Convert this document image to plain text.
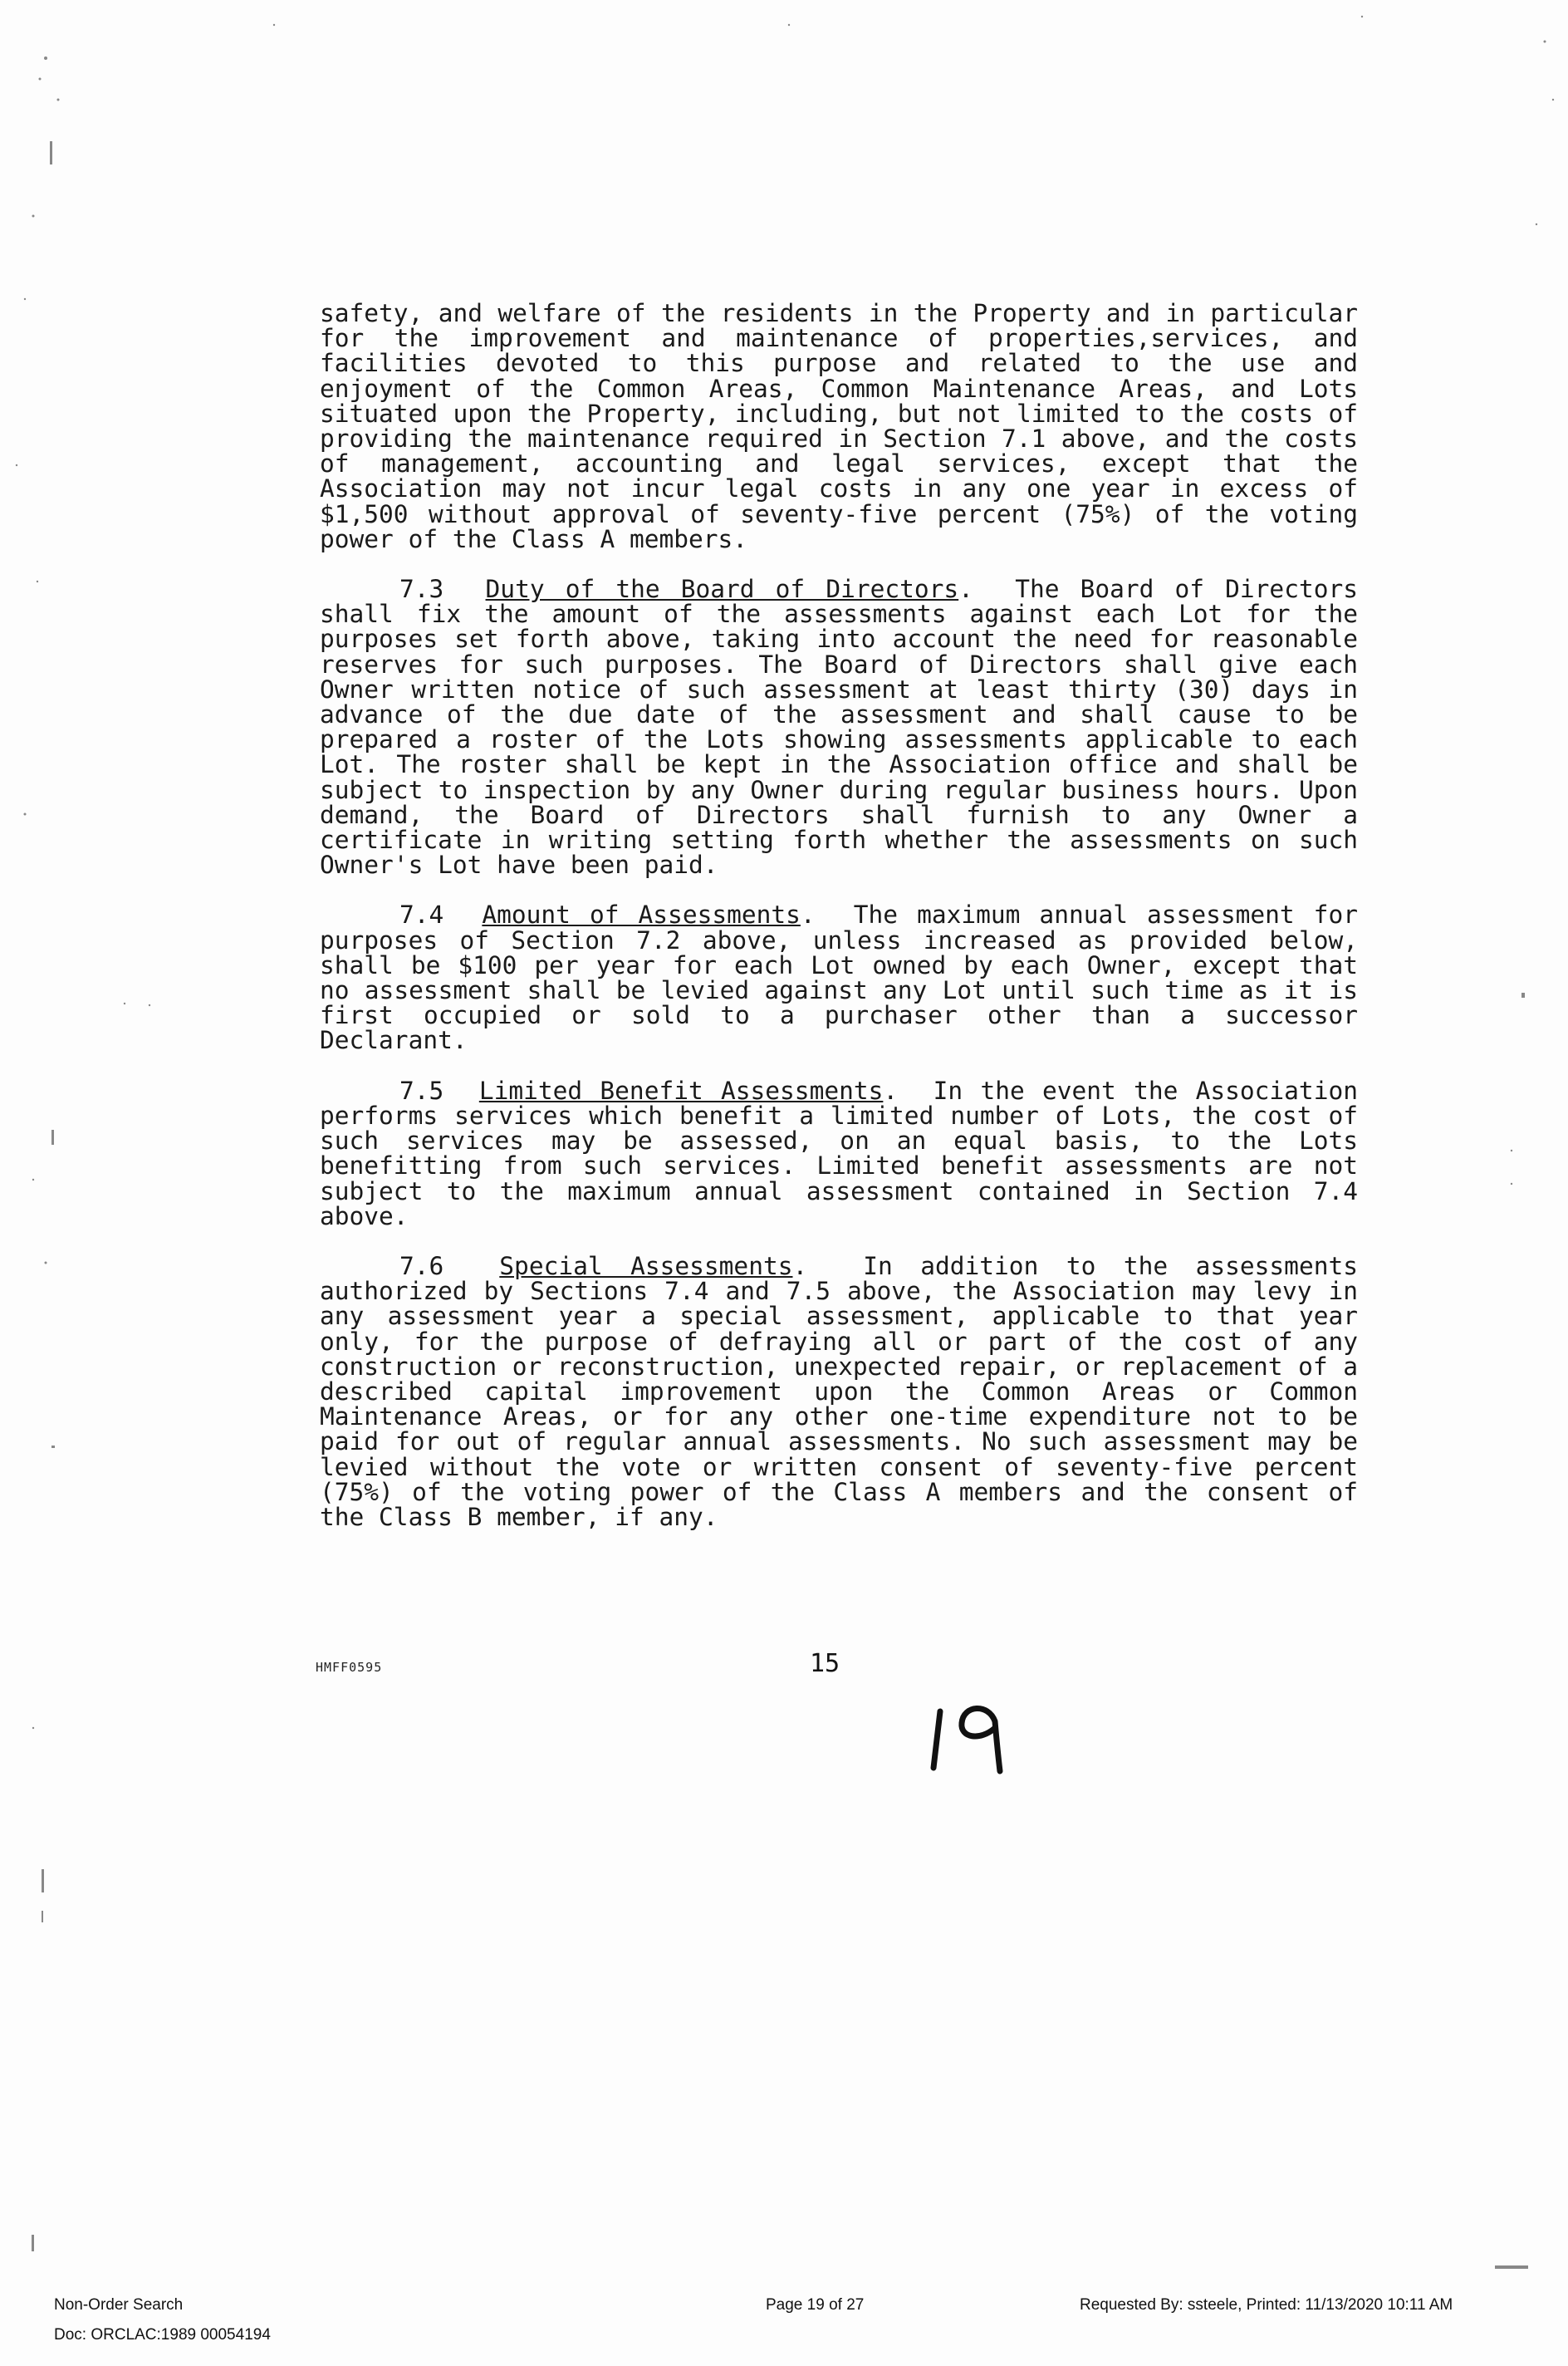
safety, and welfare of the residents in the Property and in particular for the improvement and maintenance of properties,services, and facilities devoted to this purpose and related to the use and enjoyment of the Common Areas, Common Maintenance Areas, and Lots situated upon the Property, including, but not limited to the costs of providing the maintenance required in Section 7.1 above, and the costs of management, accounting and legal services, except that the Association may not incur legal costs in any one year in excess of $1,500 without approval of seventy-five percent (75%) of the voting power of the Class A members.

7.3 Duty of the Board of Directors.  The Board of Directors shall fix the amount of the assessments against each Lot for the purposes set forth above, taking into account the need for reasonable reserves for such purposes. The Board of Directors shall give each Owner written notice of such assessment at least thirty (30) days in advance of the due date of the assessment and shall cause to be prepared a roster of the Lots showing assessments applicable to each Lot. The roster shall be kept in the Association office and shall be subject to inspection by any Owner during regular business hours. Upon demand, the Board of Directors shall furnish to any Owner a certificate in writing setting forth whether the assessments on such Owner's Lot have been paid.

7.4 Amount of Assessments.  The maximum annual assessment for purposes of Section 7.2 above, unless increased as provided below, shall be $100 per year for each Lot owned by each Owner, except that no assessment shall be levied against any Lot until such time as it is first occupied or sold to a purchaser other than a successor Declarant.

7.5 Limited Benefit Assessments.  In the event the Association performs services which benefit a limited number of Lots, the cost of such services may be assessed, on an equal basis, to the Lots benefitting from such services. Limited benefit assessments are not subject to the maximum annual assessment contained in Section 7.4 above.

7.6 Special Assessments.  In addition to the assessments authorized by Sections 7.4 and 7.5 above, the Association may levy in any assessment year a special assessment, applicable to that year only, for the purpose of defraying all or part of the cost of any construction or reconstruction, unexpected repair, or replacement of a described capital improvement upon the Common Areas or Common Maintenance Areas, or for any other one-time expenditure not to be paid for out of regular annual assessments. No such assessment may be levied without the vote or written consent of seventy-five percent (75%) of the voting power of the Class A members and the consent of the Class B member, if any.

HMFF0595	15
Non-Order Search
Doc: ORCLAC:1989 00054194
Page 19 of 27	Requested By: ssteele, Printed: 11/13/2020 10:11 AM
